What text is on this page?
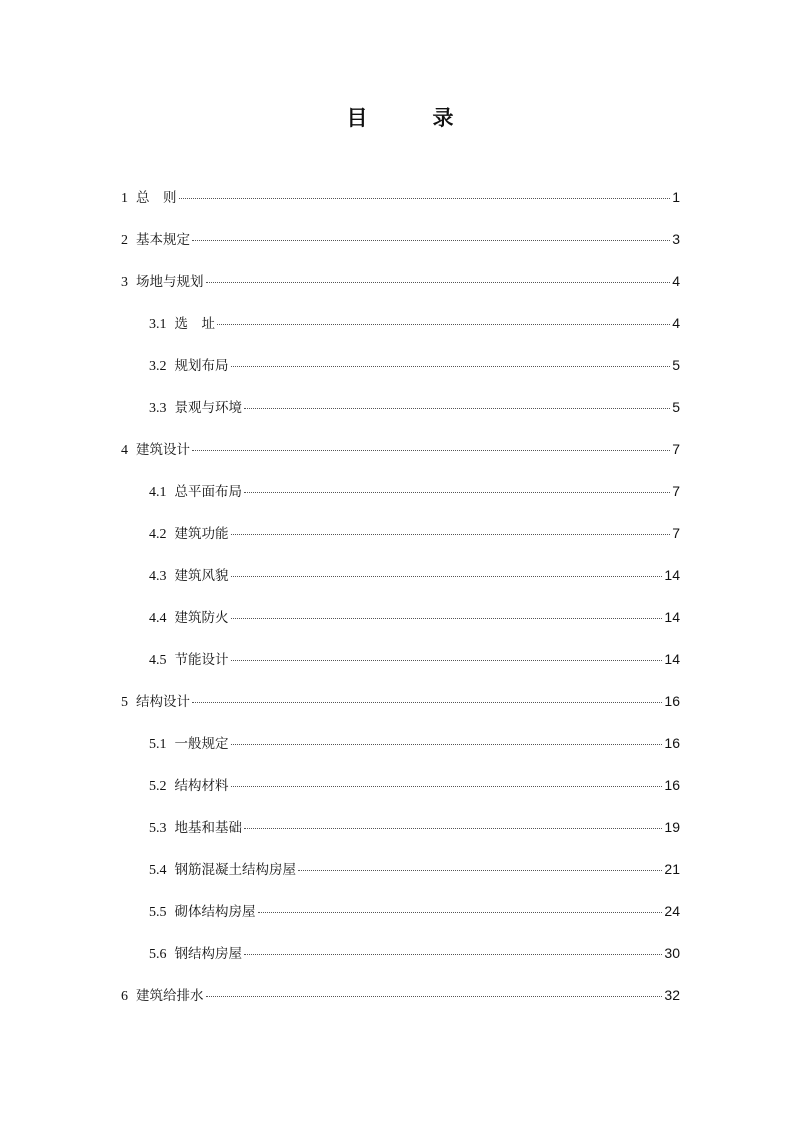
目　录
1 总　则	1
2 基本规定	3
3 场地与规划	4
3.1 选　址	4
3.2 规划布局	5
3.3 景观与环境	5
4 建筑设计	7
4.1 总平面布局	7
4.2 建筑功能	7
4.3 建筑风貌	14
4.4 建筑防火	14
4.5 节能设计	14
5 结构设计	16
5.1 一般规定	16
5.2 结构材料	16
5.3 地基和基础	19
5.4 钢筋混凝土结构房屋	21
5.5 砌体结构房屋	24
5.6 钢结构房屋	30
6 建筑给排水	32
